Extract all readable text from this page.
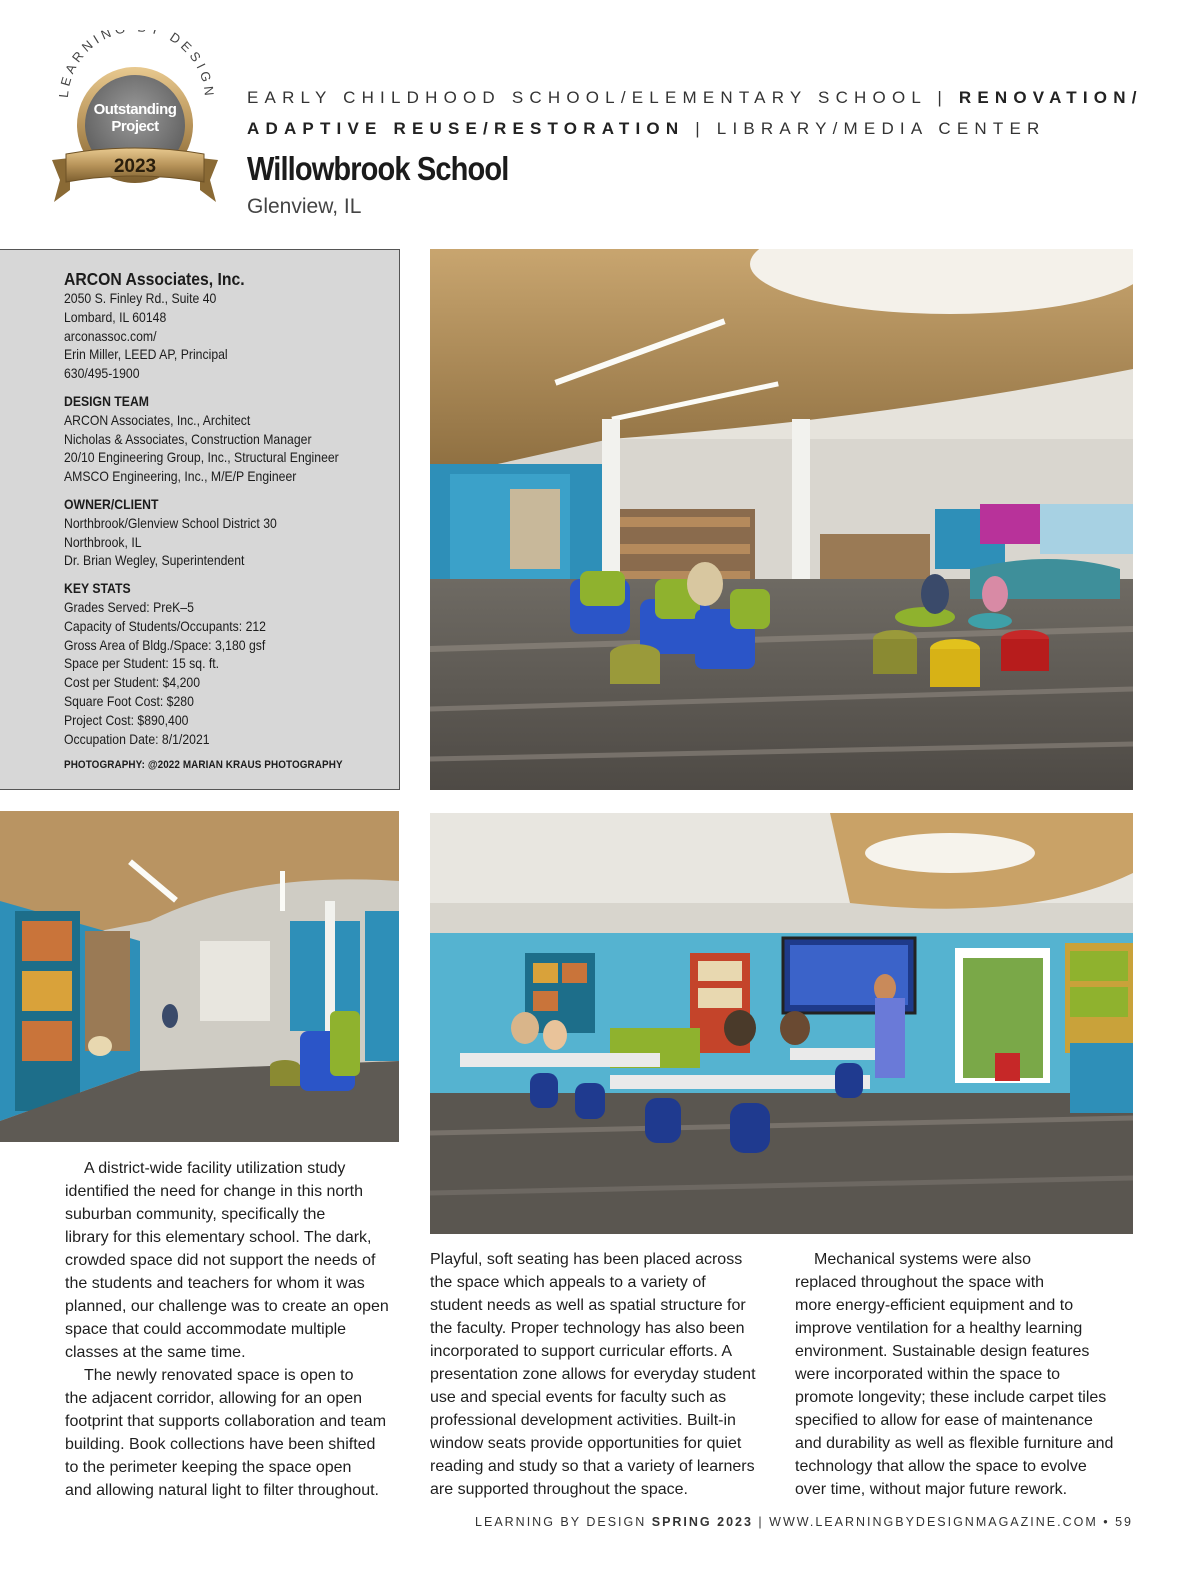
LEARNIN DESIGN
Outstanding
Project
2023
EARLY CHILDHOOD SCHOOL/ELEMENTARY SCHOOL | RENOVATION/
ADAPTIVE REUSE/RESTORATION | LIBRARY/MEDIA CENTER
Willowbrook School
Glenview, IL
ARCON Associates, Inc.
2050 S. Finley Rd., Suite 40
Lombard, IL 60148
arconassoc.com/
Erin Miller, LEED AP, Principal
630/495-1900
DESIGN TEAM
ARCON Associates, Inc., Architect
Nicholas & Associates, Construction Manager
20/10 Engineering Group, Inc., Structural Engineer
AMSCO Engineering, Inc., M/E/P Engineer
OWNER/CLIENT
Northbrook/Glenview School District 30
Northbrook, IL
Dr. Brian Wegley, Superintendent
KEY STATS
Grades Served: PreK–5
Capacity of Students/Occupants: 212
Gross Area of Bldg./Space: 3,180 gsf
Space per Student: 15 sq. ft.
Cost per Student: $4,200
Square Foot Cost: $280
Project Cost: $890,400
Occupation Date: 8/1/2021
PHOTOGRAPHY: @2022 MARIAN KRAUS PHOTOGRAPHY
A district-wide facility utilization study
identified the need for change in this north
suburban community, specifically the
library for this elementary school. The dark,
crowded space did not support the needs of
the students and teachers for whom it was
planned, our challenge was to create an open
space that could accommodate multiple
classes at the same time.
The newly renovated space is open to
the adjacent corridor, allowing for an open
footprint that supports collaboration and team
building. Book collections have been shifted
to the perimeter keeping the space open
and allowing natural light to filter throughout.
Playful, soft seating has been placed across
the space which appeals to a variety of
student needs as well as spatial structure for
the faculty. Proper technology has also been
incorporated to support curricular efforts. A
presentation zone allows for everyday student
use and special events for faculty such as
professional development activities. Built-in
window seats provide opportunities for quiet
reading and study so that a variety of learners
are supported throughout the space.
Mechanical systems were also
replaced throughout the space with
more energy-efficient equipment and to
improve ventilation for a healthy learning
environment. Sustainable design features
were incorporated within the space to
promote longevity; these include carpet tiles
specified to allow for ease of maintenance
and durability as well as flexible furniture and
technology that allow the space to evolve
over time, without major future rework.
LEARNING BY DESIGN SPRING 2023 | WWW.LEARNINGBYDESIGNMAGAZINE.COM • 59
